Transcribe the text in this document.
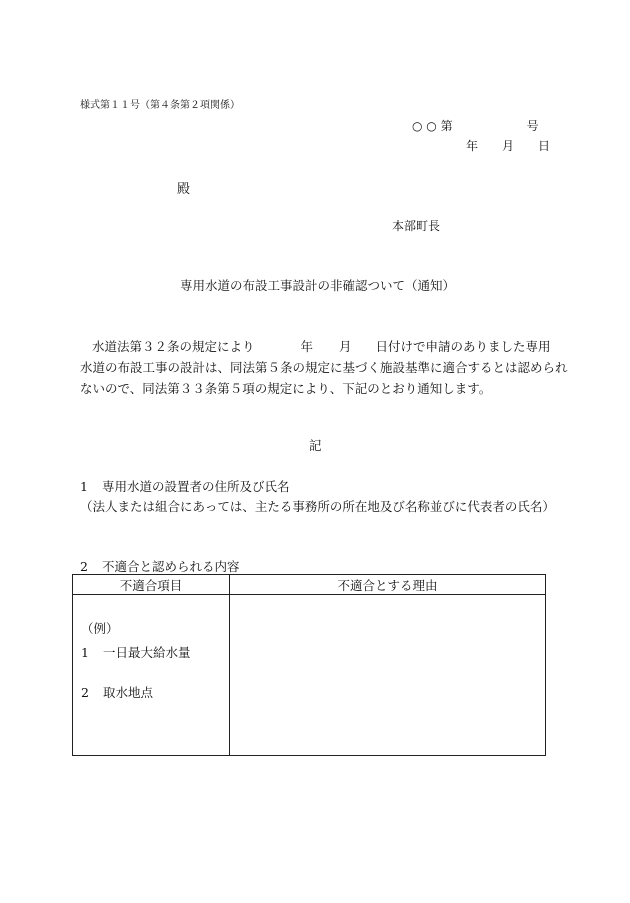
様式第１１号（第４条第２項関係）
○ ○ 第	号
年 月 日
殿
本部町長
専用水道の布設工事設計の非確認ついて（通知）
水道法第３２条の規定により	年 月 日付けで申請のありました専用
水道の布設工事の設計は、同法第５条の規定に基づく施設基準に適合するとは認められ
ないので、同法第３３条第５項の規定により、下記のとおり通知します。
記
1 専用水道の設置者の住所及び氏名
（法人または組合にあっては、主たる事務所の所在地及び名称並びに代表者の氏名）
2 不適合と認められる内容
不適合項目	不適合とする理由

（例）
1 一日最大給水量
2 取水地点	
